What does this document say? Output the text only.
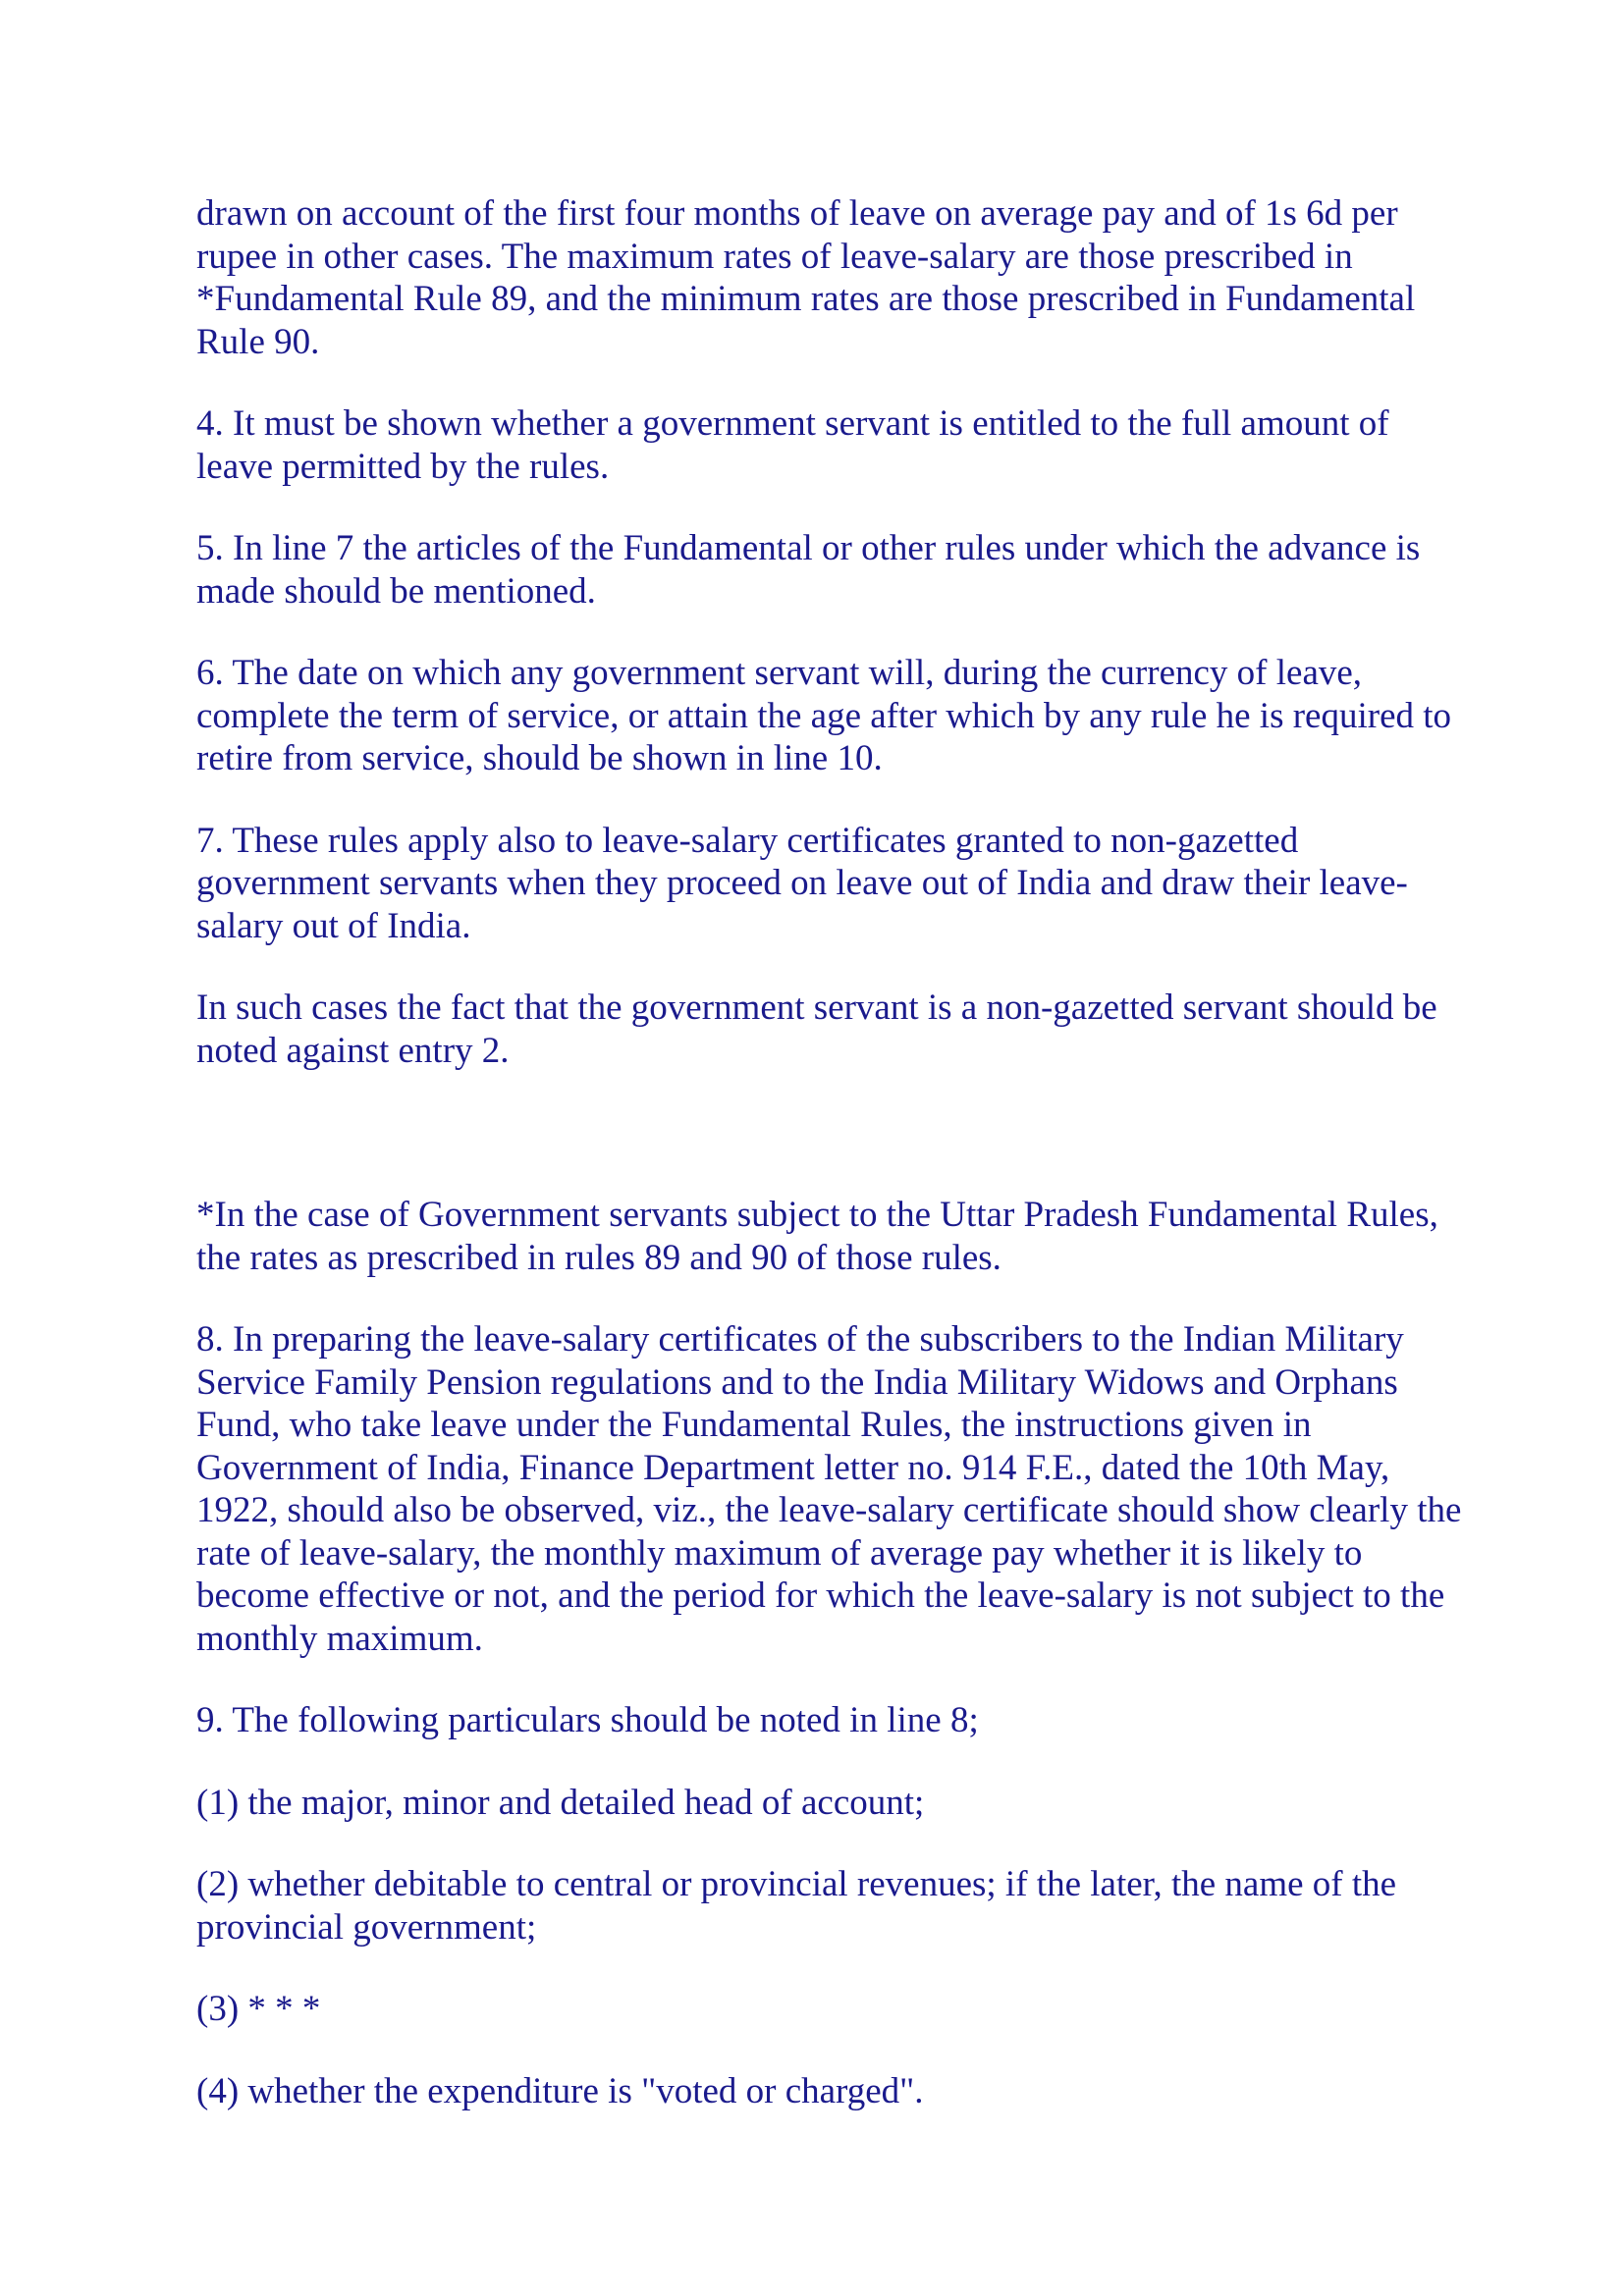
drawn on account of the first four months of leave on average pay and of 1s 6d per rupee in other cases. The maximum rates of leave-salary are those prescribed in *Fundamental Rule 89, and the minimum rates are those prescribed in Fundamental Rule 90.

4. It must be shown whether a government servant is entitled to the full amount of leave permitted by the rules.

5. In line 7 the articles of the Fundamental or other rules under which the advance is made should be mentioned.

6. The date on which any government servant will, during the currency of leave, complete the term of service, or attain the age after which by any rule he is required to retire from service, should be shown in line 10.

7. These rules apply also to leave-salary certificates granted to non-gazetted government servants when they proceed on leave out of India and draw their leave-salary out of India.

In such cases the fact that the government servant is a non-gazetted servant should be noted against entry 2.

*In the case of Government servants subject to the Uttar Pradesh Fundamental Rules, the rates as prescribed in rules 89 and 90 of those rules.

8. In preparing the leave-salary certificates of the subscribers to the Indian Military Service Family Pension regulations and to the India Military Widows and Orphans Fund, who take leave under the Fundamental Rules, the instructions given in Government of India, Finance Department letter no. 914 F.E., dated the 10th May, 1922, should also be observed, viz., the leave-salary certificate should show clearly the rate of leave-salary, the monthly maximum of average pay whether it is likely to become effective or not, and the period for which the leave-salary is not subject to the monthly maximum.

9. The following particulars should be noted in line 8;

(1) the major, minor and detailed head of account;

(2) whether debitable to central or provincial revenues; if the later, the name of the provincial government;

(3) * * *

(4) whether the expenditure is "voted or charged".
